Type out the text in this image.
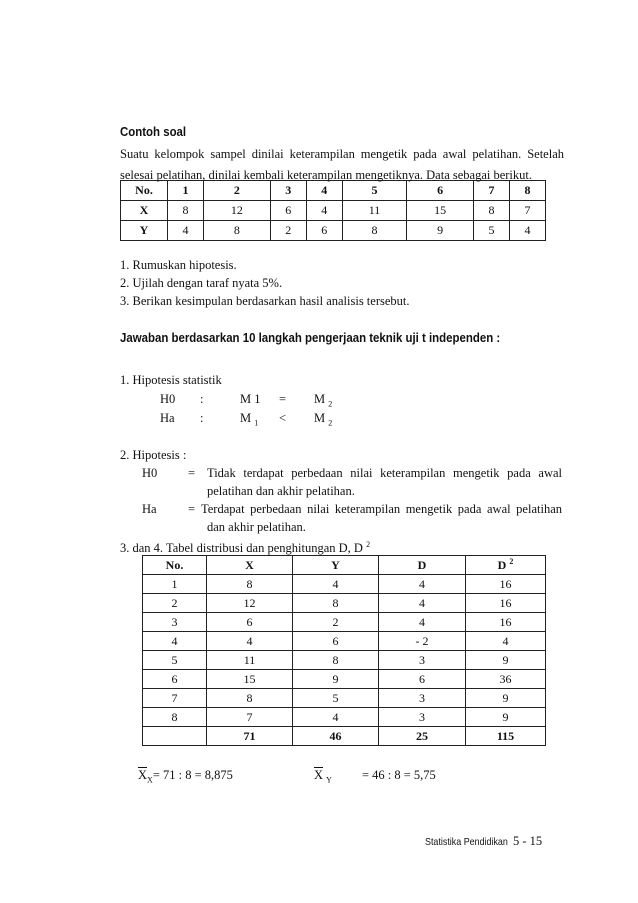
Contoh soal
Suatu kelompok sampel dinilai keterampilan mengetik pada awal pelatihan. Setelah selesai pelatihan, dinilai kembali keterampilan mengetiknya. Data sebagai berikut.
No.	1	2	3	4	5	6	7	8
X	8	12	6	4	11	15	8	7
Y	4	8	2	6	8	9	5	4
1. Rumuskan hipotesis.
2. Ujilah dengan taraf nyata 5%.
3. Berikan kesimpulan berdasarkan hasil analisis tersebut.
Jawaban berdasarkan 10 langkah pengerjaan teknik uji t independen :
1. Hipotesis statistik
H0 :	M 1 = M $_2$
Ha :	M $_1$ < M $_2$
2. Hipotesis :
H0 = Tidak terdapat perbedaan nilai keterampilan mengetik pada awal
pelatihan dan akhir pelatihan.
Ha	= Terdapat perbedaan nilai keterampilan mengetik pada awal pelatihan
dan akhir pelatihan.
3. dan 4. Tabel distribusi dan penghitungan D, D $^2$
No.	X	Y	D	D $^2$
1	8	4	4	16
2	12	8	4	16
3	6	2	4	16
4	4	6	- 2	4
5	11	8	3	9
6	15	9	6	36
7	8	5	3	9
8	7	4	3	9
	71	46	25	115
$\overline{X}_X= 71$ : 8 = 8,875	$\overline{X}$ $_Y$ = 46 : 8 = 5,75
Statistika Pendidikan 5 - 15
